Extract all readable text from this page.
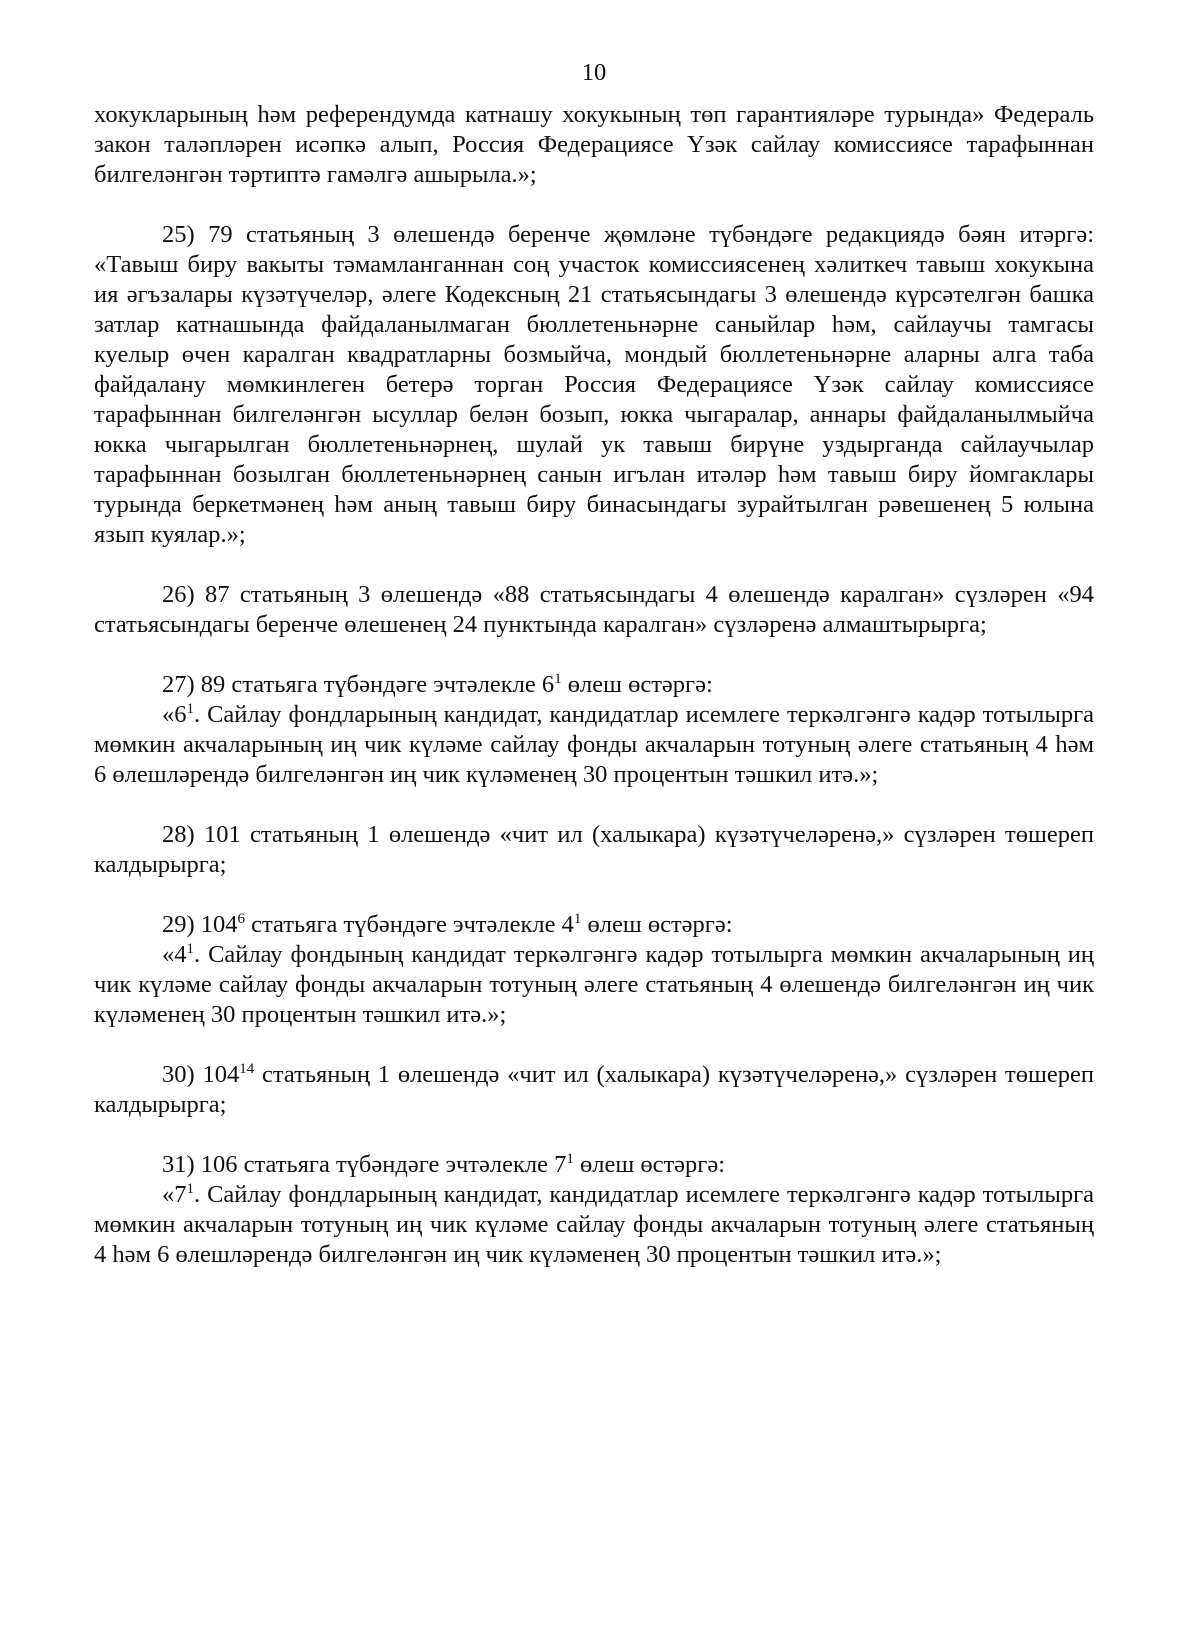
10

хокукларының һәм референдумда катнашу хокукының төп гарантияләре турында» Федераль закон таләпләрен исәпкә алып, Россия Федерациясе Үзәк сайлау комиссиясе тарафыннан билгеләнгән тәртиптә гамәлгә ашырыла.»;

25) 79 статьяның 3 өлешендә беренче җөмләне түбәндәге редакциядә бәян итәргә: «Тавыш биру вакыты тәмамланганнан соң участок комиссиясенең хәлиткеч тавыш хокукына ия әгъзалары күзәтүчеләр, әлеге Кодексның 21 статьясындагы 3 өлешендә күрсәтелгән башка затлар катнашында файдаланылмаган бюллетеньнәрне саныйлар һәм, сайлаучы тамгасы куелыр өчен каралган квадратларны бозмыйча, мондый бюллетеньнәрне аларны алга таба файдалану мөмкинлеген бетерә торган Россия Федерациясе Үзәк сайлау комиссиясе тарафыннан билгеләнгән ысуллар белән бозып, юкка чыгаралар, аннары файдаланылмыйча юкка чыгарылган бюллетеньнәрнең, шулай ук тавыш бирүне уздырганда сайлаучылар тарафыннан бозылган бюллетеньнәрнең санын игълан итәләр һәм тавыш биру йомгаклары турында беркетмәнең һәм аның тавыш биру бинасындагы зурайтылган рәвешенең 5 юлына язып куялар.»;

26) 87 статьяның 3 өлешендә «88 статьясындагы 4 өлешендә каралган» сүзләрен «94 статьясындагы беренче өлешенең 24 пунктында каралган» сүзләренә алмаштырырга;

27) 89 статьяга түбәндәге эчтәлекле $6^1$ өлеш өстәргә:

«$6^1$. Сайлау фондларының кандидат, кандидатлар исемлеге теркәлгәнгә кадәр тотылырга мөмкин акчаларының иң чик күләме сайлау фонды акчаларын тотуның әлеге статьяның 4 һәм 6 өлешләрендә билгеләнгән иң чик күләменең 30 процентын тәшкил итә.»;

28) 101 статьяның 1 өлешендә «чит ил (халыкара) күзәтүчеләренә,» сүзләрен төшереп калдырырга;

29) $104^6$ статьяга түбәндәге эчтәлекле $4^1$ өлеш өстәргә:

«$4^1$. Сайлау фондының кандидат теркәлгәнгә кадәр тотылырга мөмкин акчаларының иң чик күләме сайлау фонды акчаларын тотуның әлеге статьяның 4 өлешендә билгеләнгән иң чик күләменең 30 процентын тәшкил итә.»;

30) $104^{14}$ статьяның 1 өлешендә «чит ил (халыкара) күзәтүчеләренә,» сүзләрен төшереп калдырырга;

31) 106 статьяга түбәндәге эчтәлекле $7^1$ өлеш өстәргә:

«$7^1$. Сайлау фондларының кандидат, кандидатлар исемлеге теркәлгәнгә кадәр тотылырга мөмкин акчаларын тотуның иң чик күләме сайлау фонды акчаларын тотуның әлеге статьяның 4 һәм 6 өлешләрендә билгеләнгән иң чик күләменең 30 процентын тәшкил итә.»;
